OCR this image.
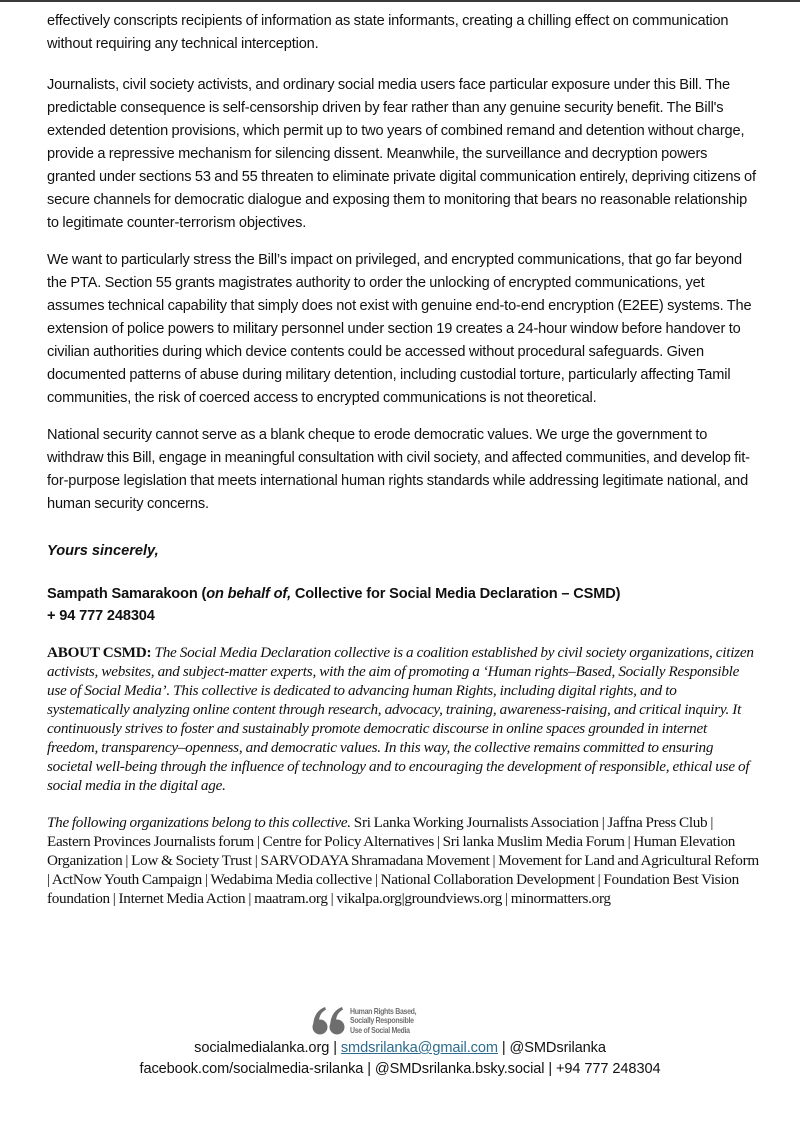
effectively conscripts recipients of information as state informants, creating a chilling effect on communication without requiring any technical interception.

Journalists, civil society activists, and ordinary social media users face particular exposure under this Bill. The predictable consequence is self-censorship driven by fear rather than any genuine security benefit. The Bill's extended detention provisions, which permit up to two years of combined remand and detention without charge, provide a repressive mechanism for silencing dissent. Meanwhile, the surveillance and decryption powers granted under sections 53 and 55 threaten to eliminate private digital communication entirely, depriving citizens of secure channels for democratic dialogue and exposing them to monitoring that bears no reasonable relationship to legitimate counter-terrorism objectives.

We want to particularly stress the Bill’s impact on privileged, and encrypted communications, that go far beyond the PTA. Section 55 grants magistrates authority to order the unlocking of encrypted communications, yet assumes technical capability that simply does not exist with genuine end-to-end encryption (E2EE) systems. The extension of police powers to military personnel under section 19 creates a 24-hour window before handover to civilian authorities during which device contents could be accessed without procedural safeguards. Given documented patterns of abuse during military detention, including custodial torture, particularly affecting Tamil communities, the risk of coerced access to encrypted communications is not theoretical.

National security cannot serve as a blank cheque to erode democratic values. We urge the government to withdraw this Bill, engage in meaningful consultation with civil society, and affected communities, and develop fit-for-purpose legislation that meets international human rights standards while addressing legitimate national, and human security concerns.

Yours sincerely,

Sampath Samarakoon (on behalf of, Collective for Social Media Declaration – CSMD)

+ 94 777 248304

ABOUT CSMD: The Social Media Declaration collective is a coalition established by civil society organizations, citizen activists, websites, and subject-matter experts, with the aim of promoting a ‘Human rights–Based, Socially Responsible use of Social Media’. This collective is dedicated to advancing human Rights, including digital rights, and to systematically analyzing online content through research, advocacy, training, awareness-raising, and critical inquiry. It continuously strives to foster and sustainably promote democratic discourse in online spaces grounded in internet freedom, transparency–openness, and democratic values. In this way, the collective remains committed to ensuring societal well-being through the influence of technology and to encouraging the development of responsible, ethical use of social media in the digital age.

The following organizations belong to this collective. Sri Lanka Working Journalists Association | Jaffna Press Club | Eastern Provinces Journalists forum | Centre for Policy Alternatives | Sri lanka Muslim Media Forum | Human Elevation Organization | Low & Society Trust | SARVODAYA Shramadana Movement | Movement for Land and Agricultural Reform | ActNow Youth Campaign | Wedabima Media collective | National Collaboration Development | Foundation Best Vision foundation | Internet Media Action | maatram.org | vikalpa.org|groundviews.org | minormatters.org

Human Rights Based,
Socially Responsible
Use of Social Media
socialmedialanka.org | smdsrilanka@gmail.com | @SMDsrilanka
facebook.com/socialmedia-srilanka | @SMDsrilanka.bsky.social | +94 777 248304
